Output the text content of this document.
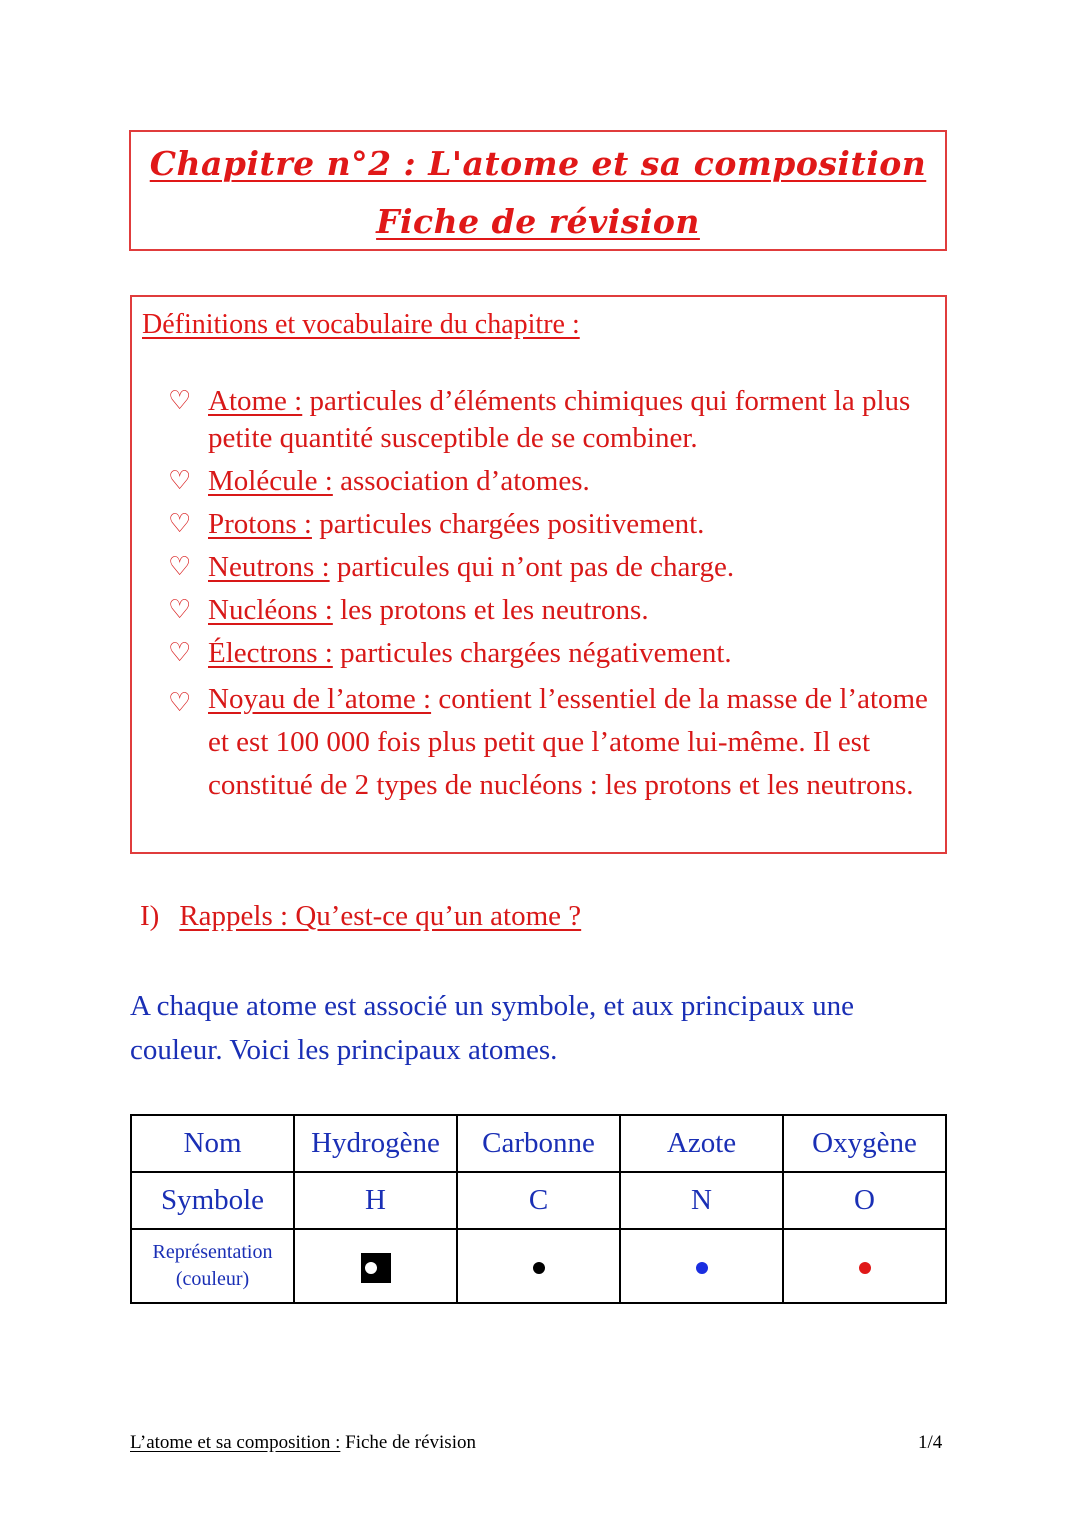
Chapitre n°2 : L'atome et sa composition
Fiche de révision
Définitions et vocabulaire du chapitre :
♡ Atome : particules d’éléments chimiques qui forment la plus petite quantité susceptible de se combiner.
♡ Molécule : association d’atomes.
♡ Protons : particules chargées positivement.
♡ Neutrons : particules qui n’ont pas de charge.
♡ Nucléons : les protons et les neutrons.
♡ Électrons : particules chargées négativement.
♡ Noyau de l’atome : contient l’essentiel de la masse de l’atome et est 100 000 fois plus petit que l’atome lui-même. Il est constitué de 2 types de nucléons : les protons et les neutrons.
I) Rappels : Qu’est-ce qu’un atome ?
A chaque atome est associé un symbole, et aux principaux une couleur. Voici les principaux atomes.
Nom	Hydrogène	Carbonne	Azote	Oxygène
Symbole	H	C	N	O
Représentation
(couleur)	

L’atome et sa composition : Fiche de révision	1/4
